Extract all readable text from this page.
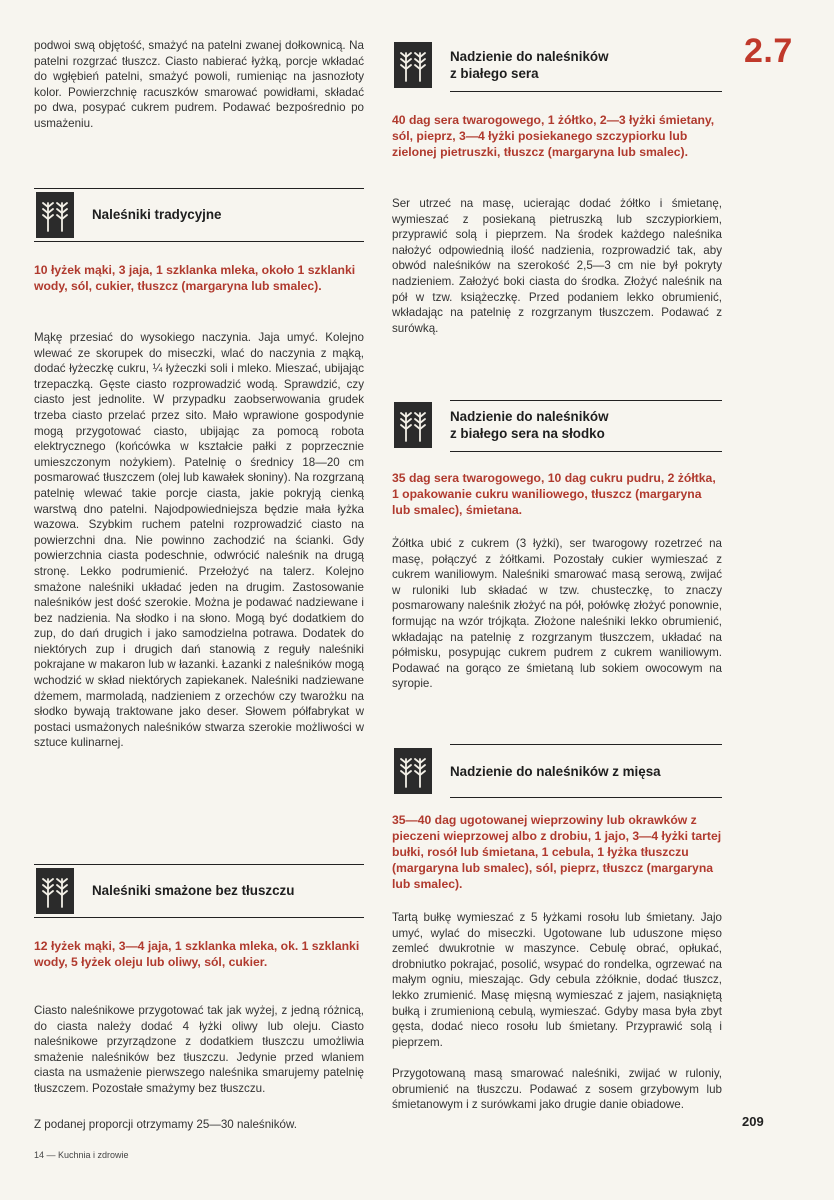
2.7
209
14 — Kuchnia i zdrowie

podwoi swą objętość, smażyć na patelni zwanej dołkownicą. Na patelni rozgrzać tłuszcz. Ciasto nabierać łyżką, porcje wkładać do wgłębień patelni, smażyć powoli, rumieniąc na jasnozłoty kolor. Powierzchnię racuszków smarować powidłami, składać po dwa, posypać cukrem pudrem. Podawać bezpośrednio po usmażeniu.

Naleśniki tradycyjne

10 łyżek mąki, 3 jaja, 1 szklanka mleka, około 1 szklanki wody, sól, cukier, tłuszcz (margaryna lub smalec).

Mąkę przesiać do wysokiego naczynia. Jaja umyć. Kolejno wlewać ze skorupek do miseczki, wlać do naczynia z mąką, dodać łyżeczkę cukru, ¼ łyżeczki soli i mleko. Mieszać, ubijając trzepaczką. Gęste ciasto rozprowadzić wodą. Sprawdzić, czy ciasto jest jednolite. W przypadku zaobserwowania grudek trzeba ciasto przelać przez sito. Mało wprawione gospodynie mogą przygotować ciasto, ubijając za pomocą robota elektrycznego (końcówka w kształcie pałki z poprzecznie umieszczonym nożykiem). Patelnię o średnicy 18—20 cm posmarować tłuszczem (olej lub kawałek słoniny). Na rozgrzaną patelnię wlewać takie porcje ciasta, jakie pokryją cienką warstwą dno patelni. Najodpowiedniejsza będzie mała łyżka wazowa. Szybkim ruchem patelni rozprowadzić ciasto na powierzchni dna. Nie powinno zachodzić na ścianki. Gdy powierzchnia ciasta podeschnie, odwrócić naleśnik na drugą stronę. Lekko podrumienić. Przełożyć na talerz. Kolejno smażone naleśniki układać jeden na drugim. Zastosowanie naleśników jest dość szerokie. Można je podawać nadziewane i bez nadzienia. Na słodko i na słono. Mogą być dodatkiem do zup, do dań drugich i jako samodzielna potrawa. Dodatek do niektórych zup i drugich dań stanowią z reguły naleśniki pokrajane w makaron lub w łazanki. Łazanki z naleśników mogą wchodzić w skład niektórych zapiekanek. Naleśniki nadziewane dżemem, marmoladą, nadzieniem z orzechów czy twarożku na słodko bywają traktowane jako deser. Słowem półfabrykat w postaci usmażonych naleśników stwarza szerokie możliwości w sztuce kulinarnej.

Naleśniki smażone bez tłuszczu

12 łyżek mąki, 3—4 jaja, 1 szklanka mleka, ok. 1 szklanki wody, 5 łyżek oleju lub oliwy, sól, cukier.

Ciasto naleśnikowe przygotować tak jak wyżej, z jedną różnicą, do ciasta należy dodać 4 łyżki oliwy lub oleju. Ciasto naleśnikowe przyrządzone z dodatkiem tłuszczu umożliwia smażenie naleśników bez tłuszczu. Jedynie przed wlaniem ciasta na usmażenie pierwszego naleśnika smarujemy patelnię tłuszczem. Pozostałe smażymy bez tłuszczu.

Z podanej proporcji otrzymamy 25—30 naleśników.

Nadzienie do naleśników
z białego sera

40 dag sera twarogowego, 1 żółtko, 2—3 łyżki śmietany, sól, pieprz, 3—4 łyżki posiekanego szczypiorku lub zielonej pietruszki, tłuszcz (margaryna lub smalec).

Ser utrzeć na masę, ucierając dodać żółtko i śmietanę, wymieszać z posiekaną pietruszką lub szczypiorkiem, przyprawić solą i pieprzem. Na środek każdego naleśnika nałożyć odpowiednią ilość nadzienia, rozprowadzić tak, aby obwód naleśników na szerokość 2,5—3 cm nie był pokryty nadzieniem. Założyć boki ciasta do środka. Złożyć naleśnik na pół w tzw. książeczkę. Przed podaniem lekko obrumienić, wkładając na patelnię z rozgrzanym tłuszczem. Podawać z surówką.

Nadzienie do naleśników
z białego sera na słodko

35 dag sera twarogowego, 10 dag cukru pudru, 2 żółtka, 1 opakowanie cukru waniliowego, tłuszcz (margaryna lub smalec), śmietana.

Żółtka ubić z cukrem (3 łyżki), ser twarogowy rozetrzeć na masę, połączyć z żółtkami. Pozostały cukier wymieszać z cukrem waniliowym. Naleśniki smarować masą serową, zwijać w ruloniki lub składać w tzw. chusteczkę, to znaczy posmarowany naleśnik złożyć na pół, połówkę złożyć ponownie, formując na wzór trójkąta. Złożone naleśniki lekko obrumienić, wkładając na patelnię z rozgrzanym tłuszczem, układać na półmisku, posypując cukrem pudrem z cukrem waniliowym. Podawać na gorąco ze śmietaną lub sokiem owocowym na syropie.

Nadzienie do naleśników z mięsa

35—40 dag ugotowanej wieprzowiny lub okrawków z pieczeni wieprzowej albo z drobiu, 1 jajo, 3—4 łyżki tartej bułki, rosół lub śmietana, 1 cebula, 1 łyżka tłuszczu (margaryna lub smalec), sól, pieprz, tłuszcz (margaryna lub smalec).

Tartą bułkę wymieszać z 5 łyżkami rosołu lub śmietany. Jajo umyć, wylać do miseczki. Ugotowane lub uduszone mięso zemleć dwukrotnie w maszynce. Cebulę obrać, opłukać, drobniutko pokrajać, posolić, wsypać do rondelka, ogrzewać na małym ogniu, mieszając. Gdy cebula zżółknie, dodać tłuszcz, lekko zrumienić. Masę mięsną wymieszać z jajem, nasiąkniętą bułką i zrumienioną cebulą, wymieszać. Gdyby masa była zbyt gęsta, dodać nieco rosołu lub śmietany. Przyprawić solą i pieprzem.

Przygotowaną masą smarować naleśniki, zwijać w ruloniy, obrumienić na tłuszczu. Podawać z sosem grzybowym lub śmietanowym i z surówkami jako drugie danie obiadowe.
